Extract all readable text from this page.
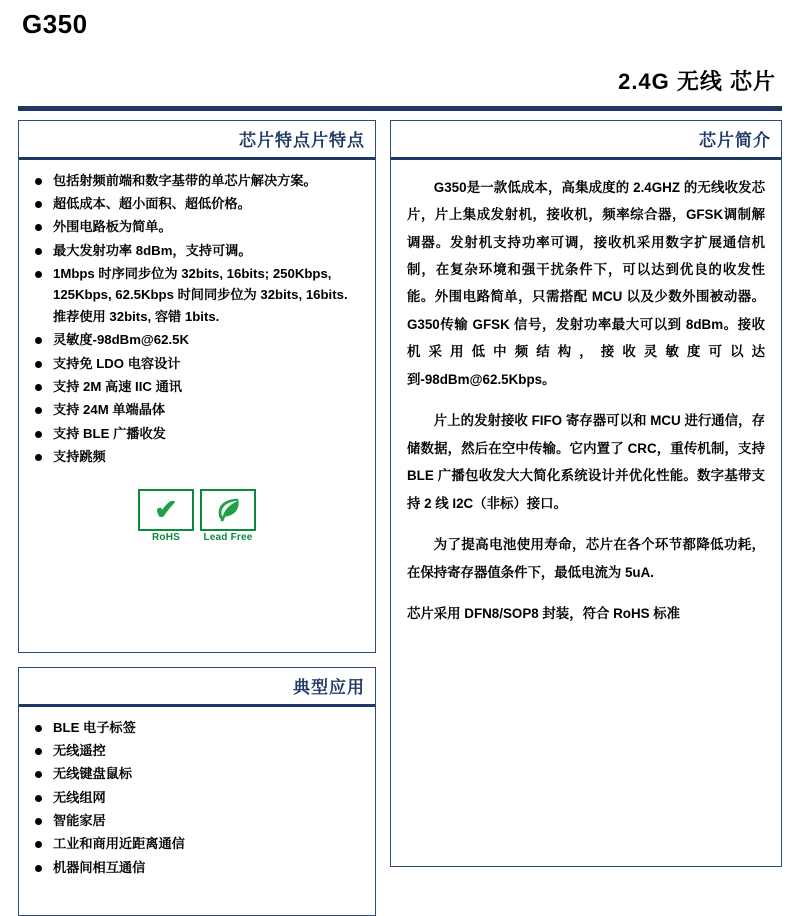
G350
2.4G 无线 芯片
芯片特点片特点
包括射频前端和数字基带的单芯片解决方案。
超低成本、超小面积、超低价格。
外围电路板为简单。
最大发射功率 8dBm，支持可调。
1Mbps 时序同步位为 32bits, 16bits; 250Kbps, 125Kbps, 62.5Kbps 时间同步位为 32bits, 16bits. 推荐使用 32bits, 容错 1bits.
灵敏度-98dBm@62.5K
支持免 LDO 电容设计
支持 2M 高速 IIC 通讯
支持 24M 单端晶体
支持 BLE 广播收发
支持跳频
✔
RoHS	Lead Free
典型应用
BLE 电子标签
无线遥控
无线键盘鼠标
无线组网
智能家居
工业和商用近距离通信
机器间相互通信
芯片简介

G350是一款低成本，高集成度的 2.4GHZ 的无线收发芯片，片上集成发射机，接收机，频率综合器，GFSK调制解调器。发射机支持功率可调，接收机采用数字扩展通信机制，在复杂环境和强干扰条件下，可以达到优良的收发性能。外围电路简单，只需搭配 MCU 以及少数外围被动器。G350传输 GFSK 信号，发射功率最大可以到 8dBm。接收机采用低中频结构，接收灵敏度可以达到-98dBm@62.5Kbps。

片上的发射接收 FIFO 寄存器可以和 MCU 进行通信，存储数据，然后在空中传输。它内置了 CRC，重传机制，支持 BLE 广播包收发大大简化系统设计并优化性能。数字基带支持 2 线 I2C（非标）接口。

为了提高电池使用寿命，芯片在各个环节都降低功耗，在保持寄存器值条件下，最低电流为 5uA.

芯片采用 DFN8/SOP8 封装，符合 RoHS 标准
